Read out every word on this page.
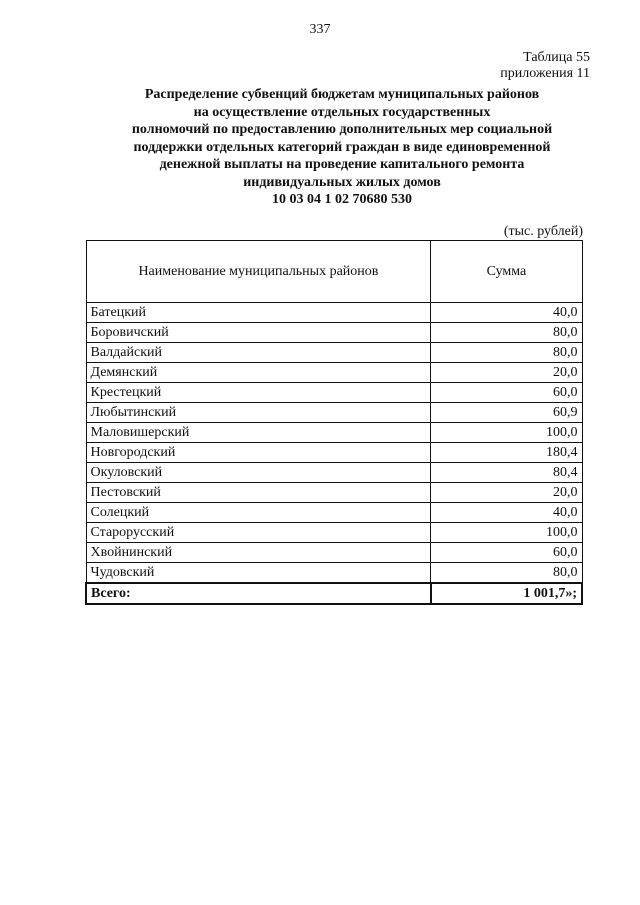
337
Таблица 55
приложения 11
Распределение субвенций бюджетам муниципальных районов
на осуществление отдельных государственных
полномочий по предоставлению дополнительных мер социальной
поддержки отдельных категорий граждан в виде единовременной
денежной выплаты на проведение капитального ремонта
индивидуальных жилых домов
10 03 04 1 02 70680 530
(тыс. рублей)
Наименование муниципальных районов	Сумма
Батецкий	40,0
Боровичский	80,0
Валдайский	80,0
Демянский	20,0
Крестецкий	60,0
Любытинский	60,9
Маловишерский	100,0
Новгородский	180,4
Окуловский	80,4
Пестовский	20,0
Солецкий	40,0
Старорусский	100,0
Хвойнинский	60,0
Чудовский	80,0
Всего:	1 001,7»;
